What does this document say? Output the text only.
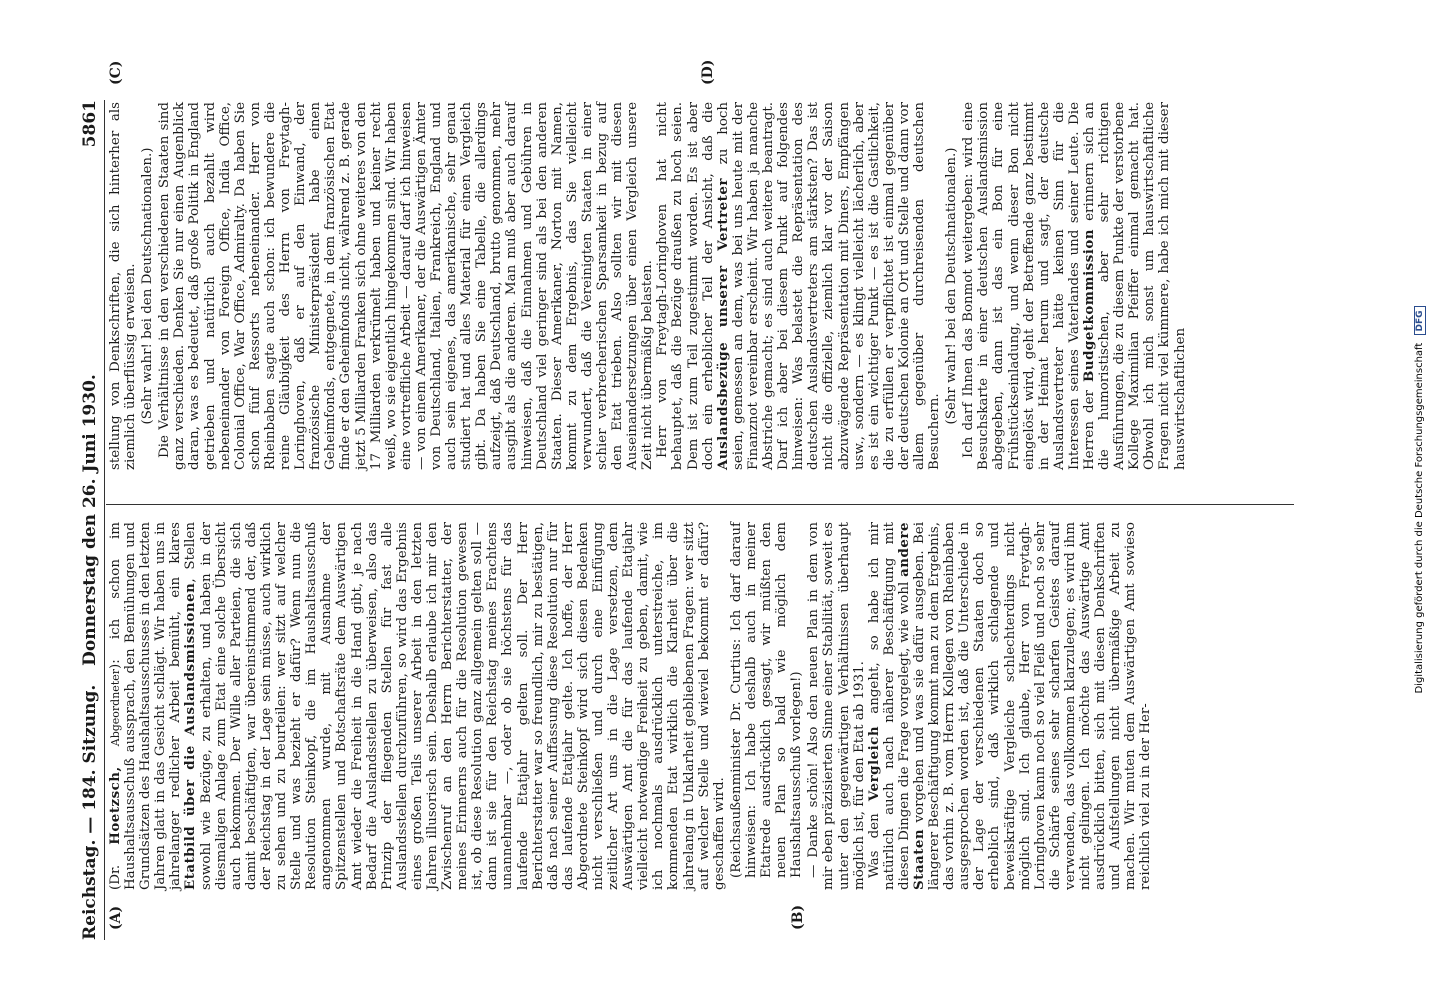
Reichstag. — 184. Sitzung.
Donnerstag den 26. Juni 1930.
5861
(A)	(B)
(C)	(D)

(Dr. Hoetzsch, Abgeordneter): ich schon im Haushaltsausschuß aussprach, den Bemühungen und Grundsätzen des Haushaltsausschusses in den letzten Jahren glatt in das Gesicht schlägt. Wir haben uns in jahrelanger redlicher Arbeit bemüht, ein klares Etatbild über die Auslandsmissionen, Stellen sowohl wie Bezüge, zu erhalten, und haben in der diesmaligen Anlage zum Etat eine solche Übersicht auch bekommen. Der Wille aller Parteien, die sich damit beschäftigten, war übereinstimmend der, daß der Reichstag in der Lage sein müsse, auch wirklich zu sehen und zu beurteilen: wer sitzt auf welcher Stelle und was bezieht er dafür? Wenn nun die Resolution Steinkopf, die im Haushaltsausschuß angenommen wurde, mit Ausnahme der Spitzenstellen und Botschaftsräte dem Auswärtigen Amt wieder die Freiheit in die Hand gibt, je nach Bedarf die Auslandsstellen zu überweisen, also das Prinzip der fliegenden Stellen für fast alle Auslandsstellen durchzuführen, so wird das Ergebnis eines großen Teils unserer Arbeit in den letzten Jahren illusorisch sein. Deshalb erlaube ich mir den Zwischenruf an den Herrn Berichterstatter, der meines Erinnerns auch für die Resolution gewesen ist, ob diese Resolution ganz allgemein gelten soll — dann ist sie für den Reichstag meines Erachtens unannehmbar —, oder ob sie höchstens für das laufende Etatjahr gelten soll. Der Herr Berichterstatter war so freundlich, mir zu bestätigen, daß nach seiner Auffassung diese Resolution nur für das laufende Etatjahr gelte. Ich hoffe, der Herr Abgeordnete Steinkopf wird sich diesen Bedenken nicht verschließen und durch eine Einfügung zeitlicher Art uns in die Lage versetzen, dem Auswärtigen Amt die für das laufende Etatjahr vielleicht notwendige Freiheit zu geben, damit, wie ich nochmals ausdrücklich unterstreiche, im kommenden Etat wirklich die Klarheit über die jahrelang in Unklarheit gebliebenen Fragen: wer sitzt auf welcher Stelle und wieviel bekommt er dafür? geschaffen wird. (Reichsaußenminister Dr. Curtius: Ich darf darauf hinweisen: Ich habe deshalb auch in meiner Etatrede ausdrücklich gesagt, wir müßten den neuen Plan so bald wie möglich dem Haushaltsausschuß vorlegen!) — Danke schön! Also den neuen Plan in dem von mir eben präzisierten Sinne einer Stabilität, soweit es unter den gegenwärtigen Verhältnissen überhaupt möglich ist, für den Etat ab 1931. Was den Vergleich angeht, so habe ich mir natürlich auch nach näherer Beschäftigung mit diesen Dingen die Frage vorgelegt, wie wohl andere Staaten vorgehen und was sie dafür ausgeben. Bei längerer Beschäftigung kommt man zu dem Ergebnis, das vorhin z. B. vom Herrn Kollegen von Rheinbaben ausgesprochen worden ist, daß die Unterschiede in der Lage der verschiedenen Staaten doch so erheblich sind, daß wirklich schlagende und beweiskräftige Vergleiche schlechterdings nicht möglich sind. Ich glaube, Herr von Freytagh-Loringhoven kann noch so viel Fleiß und noch so sehr die Schärfe seines sehr scharfen Geistes darauf verwenden, das vollkommen klarzulegen; es wird ihm nicht gelingen. Ich möchte das Auswärtige Amt ausdrücklich bitten, sich mit diesen Denkschriften und Aufstellungen nicht übermäßige Arbeit zu machen. Wir muten dem Auswärtigen Amt sowieso reichlich viel zu in der Her-

stellung von Denkschriften, die sich hinterher als ziemlich überflüssig erweisen. (Sehr wahr! bei den Deutschnationalen.) Die Verhältnisse in den verschiedenen Staaten sind ganz verschieden. Denken Sie nur einen Augenblick daran, was es bedeutet, daß große Politik in England getrieben und natürlich auch bezahlt wird nebeneinander von Foreign Office, India Office, Colonial Office, War Office, Admiralty. Da haben Sie schon fünf Ressorts nebeneinander. Herr von Rheinbaben sagte auch schon: ich bewundere die reine Gläubigkeit des Herrn von Freytagh-Loringhoven, daß er auf den Einwand, der französische Ministerpräsident habe einen Geheimfonds, entgegnete, in dem französischen Etat finde er den Geheimfonds nicht, während z. B. gerade jetzt 5 Milliarden Franken sich ohne weiteres von den 17 Milliarden verkrümelt haben und keiner recht weiß, wo sie eigentlich hingekommen sind. Wir haben eine vortreffliche Arbeit — darauf darf ich hinweisen — von einem Amerikaner, der die Auswärtigen Ämter von Deutschland, Italien, Frankreich, England und auch sein eigenes, das amerikanische, sehr genau studiert hat und alles Material für einen Vergleich gibt. Da haben Sie eine Tabelle, die allerdings aufzeigt, daß Deutschland, brutto genommen, mehr ausgibt als die anderen. Man muß aber auch darauf hinweisen, daß die Einnahmen und Gebühren in Deutschland viel geringer sind als bei den anderen Staaten. Dieser Amerikaner, Norton mit Namen, kommt zu dem Ergebnis, das Sie vielleicht verwundert, daß die Vereinigten Staaten in einer schier verbrecherischen Sparsamkeit in bezug auf den Etat trieben. Also sollten wir mit diesen Auseinandersetzungen über einen Vergleich unsere Zeit nicht übermäßig belasten. Herr von Freytagh-Loringhoven hat nicht behauptet, daß die Bezüge draußen zu hoch seien. Dem ist zum Teil zugestimmt worden. Es ist aber doch ein erheblicher Teil der Ansicht, daß die Auslandsbezüge unserer Vertreter zu hoch seien, gemessen an dem, was bei uns heute mit der Finanznot vereinbar erscheint. Wir haben ja manche Abstriche gemacht; es sind auch weitere beantragt. Darf ich aber bei diesem Punkt auf folgendes hinweisen: Was belastet die Repräsentation des deutschen Auslandsvertreters am stärksten? Das ist nicht die offizielle, ziemlich klar vor der Saison abzuwägende Repräsentation mit Diners, Empfängen usw., sondern — es klingt vielleicht lächerlich, aber es ist ein wichtiger Punkt — es ist die Gastlichkeit, die zu erfüllen er verpflichtet ist einmal gegenüber der deutschen Kolonie an Ort und Stelle und dann vor allem gegenüber durchreisenden deutschen Besuchern.

(Sehr wahr! bei den Deutschnationalen.) Ich darf Ihnen das Bonmot weitergeben: wird eine Besuchskarte in einer deutschen Auslandsmission abgegeben, dann ist das ein Bon für eine Frühstückseinladung, und wenn dieser Bon nicht eingelöst wird, geht der Betreffende ganz bestimmt in der Heimat herum und sagt, der deutsche Auslandsvertreter hätte keinen Sinn für die Interessen seines Vaterlandes und seiner Leute. Die Herren der Budgetkommission erinnern sich an die humoristischen, aber sehr richtigen Ausführungen, die zu diesem Punkte der verstorbene Kollege Maximilian Pfeiffer einmal gemacht hat. Obwohl ich mich sonst um hauswirtschaftliche Fragen nicht viel kümmere, habe ich mich mit dieser hauswirtschaftlichen	Digitalisierung gefördert durch die Deutsche Forschungsgemeinschaft DFG
